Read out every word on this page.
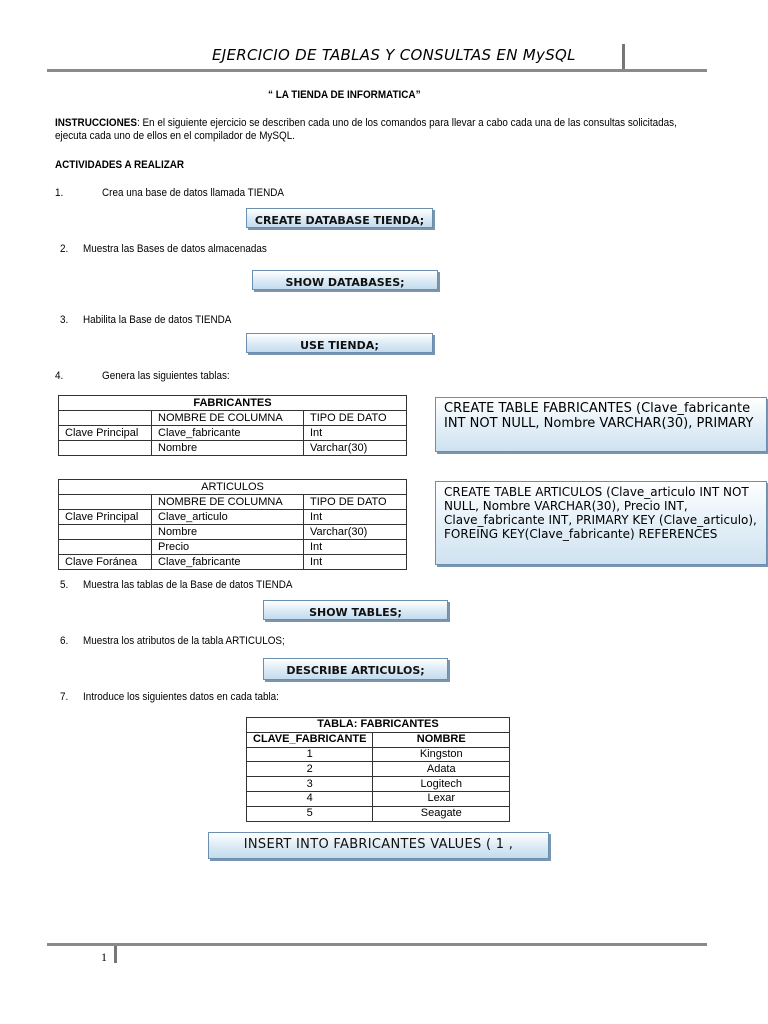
EJERCICIO DE TABLAS Y CONSULTAS EN MySQL
“ LA TIENDA DE INFORMATICA”
INSTRUCCIONES: En el siguiente ejercicio se describen cada uno de los comandos para llevar a cabo cada una de las consultas solicitadas, ejecuta cada uno de ellos en el compilador de MySQL.
ACTIVIDADES A REALIZAR
1.	Crea una base de datos llamada TIENDA
CREATE DATABASE TIENDA;
2. Muestra las Bases de datos almacenadas
SHOW DATABASES;
3. Habilita la Base de datos TIENDA
USE TIENDA;
4.	Genera las siguientes tablas:
FABRICANTES		
	NOMBRE DE COLUMNA	TIPO DE DATO
Clave Principal	Clave_fabricante	Int
	Nombre	Varchar(30)
CREATE TABLE FABRICANTES (Clave_fabricante INT NOT NULL, Nombre VARCHAR(30), PRIMARY
ARTICULOS		
	NOMBRE DE COLUMNA	TIPO DE DATO
Clave Principal	Clave_articulo	Int
	Nombre	Varchar(30)
	Precio	Int
Clave Foránea	Clave_fabricante	Int
CREATE TABLE ARTICULOS (Clave_articulo INT NOT NULL, Nombre VARCHAR(30), Precio INT, Clave_fabricante INT, PRIMARY KEY (Clave_articulo), FOREING KEY(Clave_fabricante) REFERENCES
5. Muestra las tablas de la Base de datos TIENDA
SHOW TABLES;
6. Muestra los atributos de la tabla ARTICULOS;
DESCRIBE ARTICULOS;
7. Introduce los siguientes datos en cada tabla:
TABLA: FABRICANTES	
CLAVE_FABRICANTE	NOMBRE
1	Kingston
2	Adata
3	Logitech
4	Lexar
5	Seagate
INSERT INTO FABRICANTES VALUES ( 1 ,
1
